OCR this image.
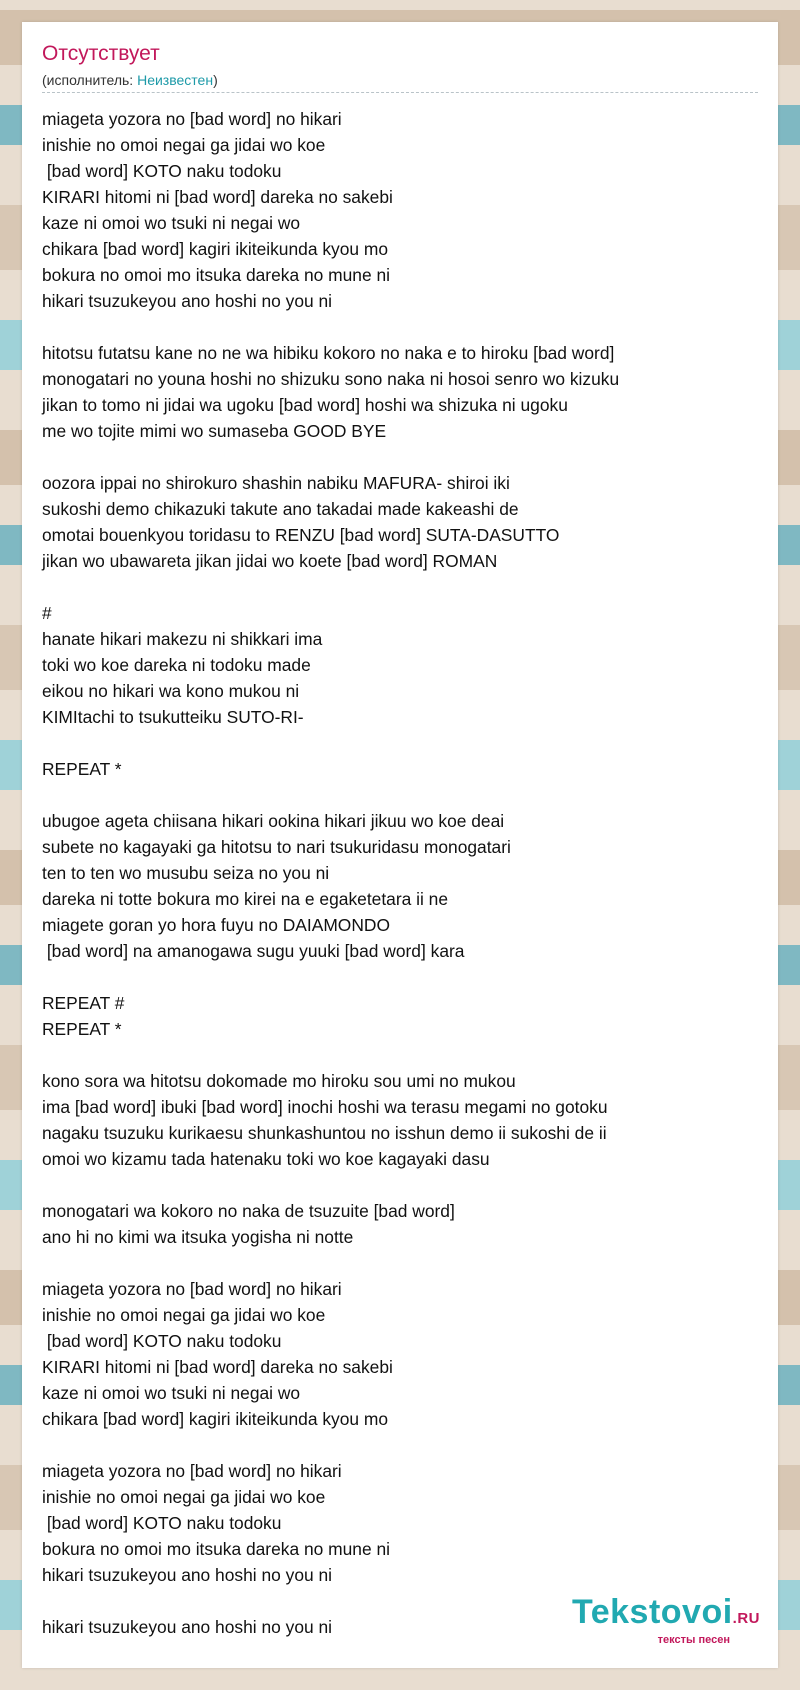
Отсутствует
(исполнитель: Неизвестен)
miageta yozora no [bad word] no hikari
inishie no omoi negai ga jidai wo koe
[bad word] KOTO naku todoku
KIRARI hitomi ni [bad word] dareka no sakebi
kaze ni omoi wo tsuki ni negai wo
chikara [bad word] kagiri ikiteikunda kyou mo
bokura no omoi mo itsuka dareka no mune ni
hikari tsuzukeyou ano hoshi no you ni
hitotsu futatsu kane no ne wa hibiku kokoro no naka e to hiroku [bad word]
monogatari no youna hoshi no shizuku sono naka ni hosoi senro wo kizuku
jikan to tomo ni jidai wa ugoku [bad word] hoshi wa shizuka ni ugoku
me wo tojite mimi wo sumaseba GOOD BYE
oozora ippai no shirokuro shashin nabiku MAFURA- shiroi iki
sukoshi demo chikazuki takute ano takadai made kakeashi de
omotai bouenkyou toridasu to RENZU [bad word] SUTA-DASUTTO
jikan wo ubawareta jikan jidai wo koete [bad word] ROMAN
#
hanate hikari makezu ni shikkari ima
toki wo koe dareka ni todoku made
eikou no hikari wa kono mukou ni
KIMItachi to tsukutteiku SUTO-RI-
REPEAT *
ubugoe ageta chiisana hikari ookina hikari jikuu wo koe deai
subete no kagayaki ga hitotsu to nari tsukuridasu monogatari
ten to ten wo musubu seiza no you ni
dareka ni totte bokura mo kirei na e egaketetara ii ne
miagete goran yo hora fuyu no DAIAMONDO
[bad word] na amanogawa sugu yuuki [bad word] kara
REPEAT #
REPEAT *
kono sora wa hitotsu dokomade mo hiroku sou umi no mukou
ima [bad word] ibuki [bad word] inochi hoshi wa terasu megami no gotoku
nagaku tsuzuku kurikaesu shunkashuntou no isshun demo ii sukoshi de ii
omoi wo kizamu tada hatenaku toki wo koe kagayaki dasu
monogatari wa kokoro no naka de tsuzuite [bad word]
ano hi no kimi wa itsuka yogisha ni notte
miageta yozora no [bad word] no hikari
inishie no omoi negai ga jidai wo koe
[bad word] KOTO naku todoku
KIRARI hitomi ni [bad word] dareka no sakebi
kaze ni omoi wo tsuki ni negai wo
chikara [bad word] kagiri ikiteikunda kyou mo
miageta yozora no [bad word] no hikari
inishie no omoi negai ga jidai wo koe
[bad word] KOTO naku todoku
bokura no omoi mo itsuka dareka no mune ni
hikari tsuzukeyou ano hoshi no you ni
hikari tsuzukeyou ano hoshi no you ni	Tekstovoi.RU
тексты песен
